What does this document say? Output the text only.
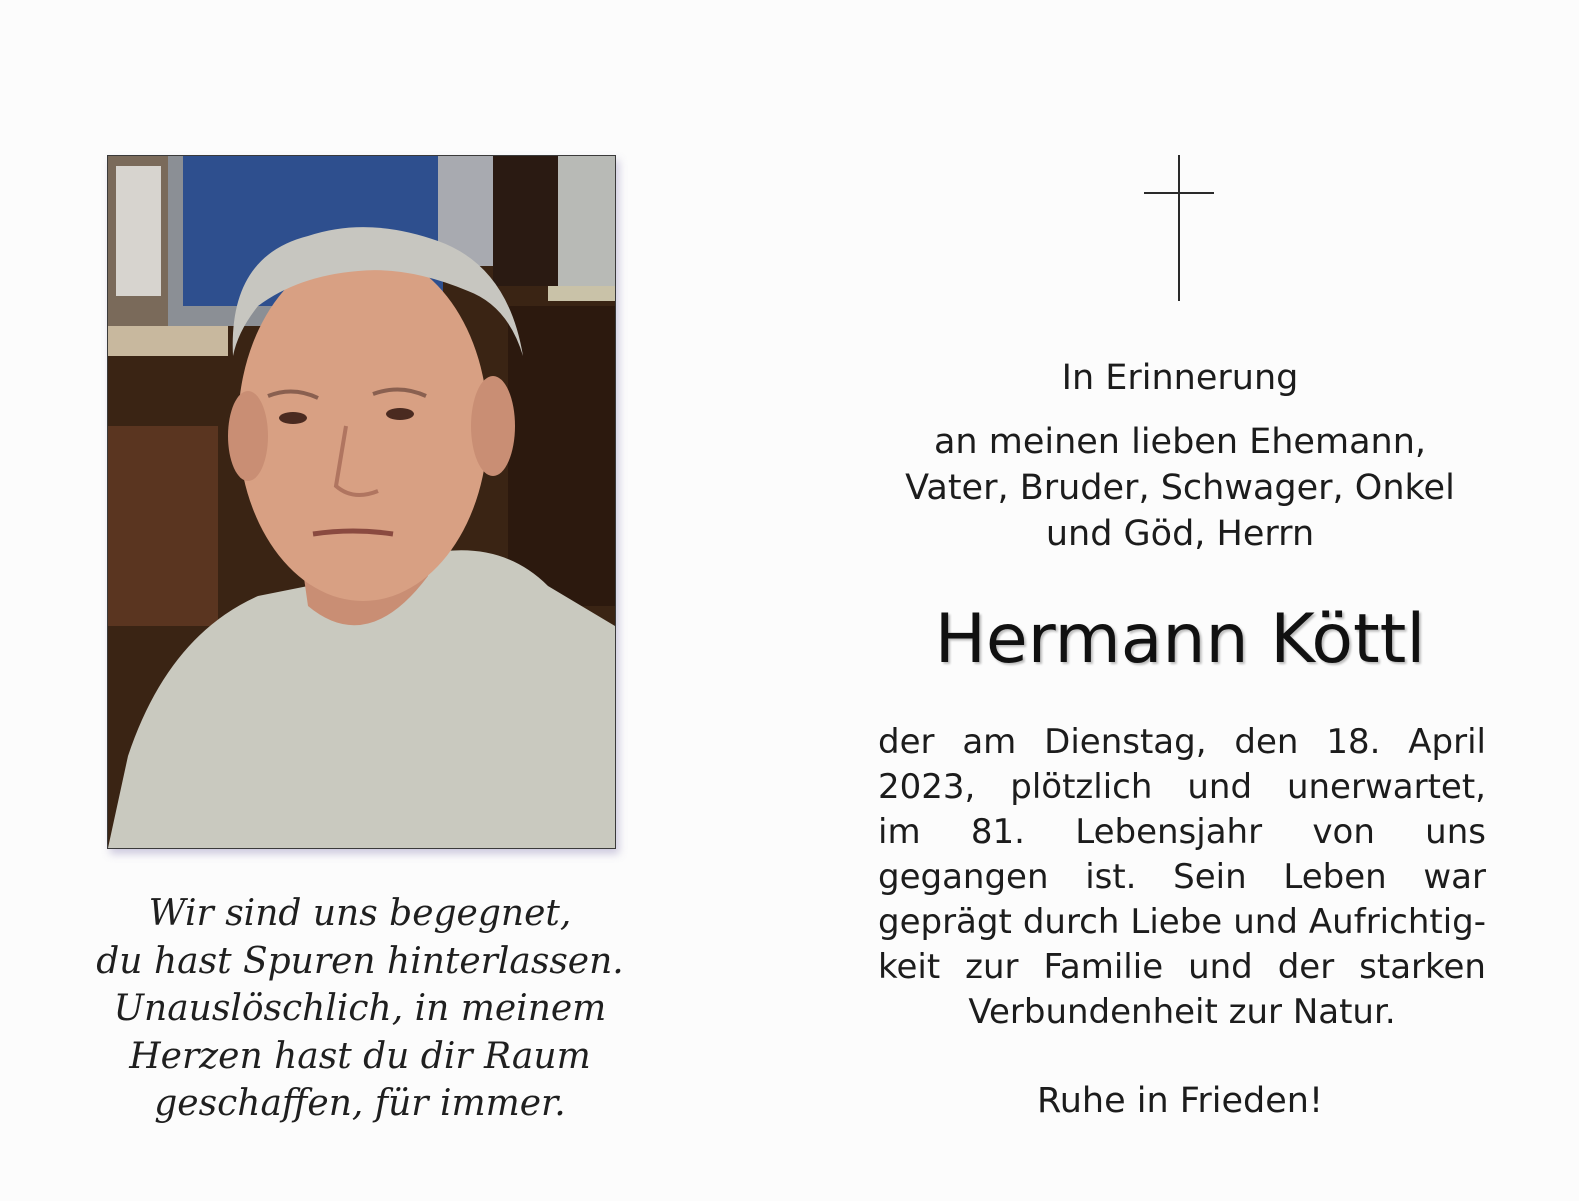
Wir sind uns begegnet,
du hast Spuren hinterlassen.
Unauslöschlich, in meinem
Herzen hast du dir Raum
geschaffen, für immer.
In Erinnerung
an meinen lieben Ehemann,
Vater, Bruder, Schwager, Onkel
und Göd, Herrn
Hermann Köttl
der am Dienstag, den 18. April
2023, plötzlich und unerwartet,
im 81. Lebensjahr von uns
gegangen ist. Sein Leben war
geprägt durch Liebe und Aufrichtig-
keit zur Familie und der starken
Verbundenheit zur Natur.
Ruhe in Frieden!
